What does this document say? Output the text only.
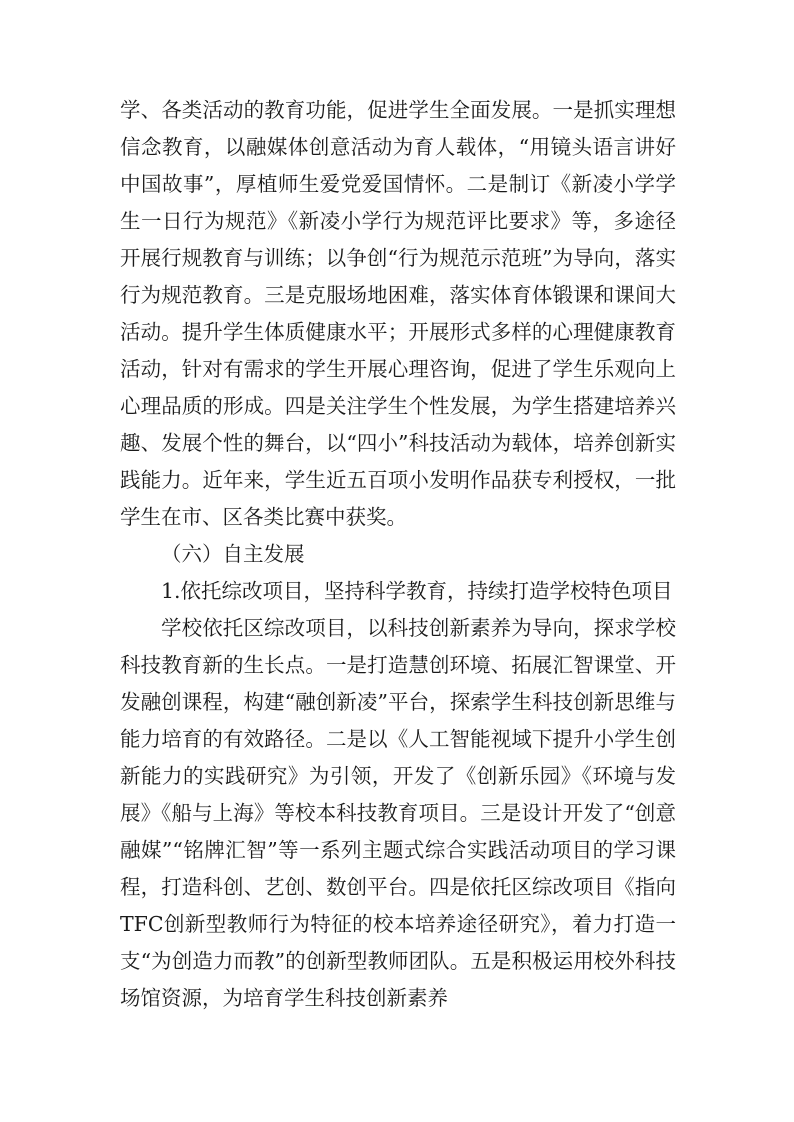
学、各类活动的教育功能，促进学生全面发展。一是抓实理想信念教育，以融媒体创意活动为育人载体，“用镜头语言讲好中国故事”，厚植师生爱党爱国情怀。二是制订《新凌小学学生一日行为规范》《新凌小学行为规范评比要求》等，多途径开展行规教育与训练；以争创“行为规范示范班”为导向，落实行为规范教育。三是克服场地困难，落实体育体锻课和课间大活动。提升学生体质健康水平；开展形式多样的心理健康教育活动，针对有需求的学生开展心理咨询，促进了学生乐观向上心理品质的形成。四是关注学生个性发展，为学生搭建培养兴趣、发展个性的舞台，以“四小”科技活动为载体，培养创新实践能力。近年来，学生近五百项小发明作品获专利授权，一批学生在市、区各类比赛中获奖。

（六）自主发展

1.依托综改项目，坚持科学教育，持续打造学校特色项目

学校依托区综改项目，以科技创新素养为导向，探求学校科技教育新的生长点。一是打造慧创环境、拓展汇智课堂、开发融创课程，构建“融创新凌”平台，探索学生科技创新思维与能力培育的有效路径。二是以《人工智能视域下提升小学生创新能力的实践研究》为引领，开发了《创新乐园》《环境与发展》《船与上海》等校本科技教育项目。三是设计开发了“创意融媒”“铭牌汇智”等一系列主题式综合实践活动项目的学习课程，打造科创、艺创、数创平台。四是依托区综改项目《指向TFC创新型教师行为特征的校本培养途径研究》，着力打造一支“为创造力而教”的创新型教师团队。五是积极运用校外科技场馆资源，为培育学生科技创新素养
